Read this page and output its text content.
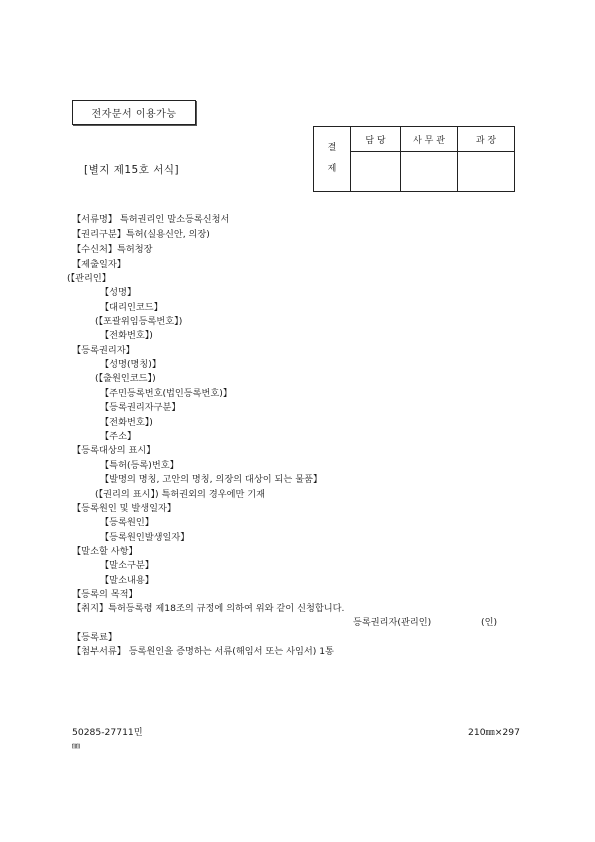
전자문서 이용가능
[별지 제15호 서식]
결
제	담 당	사 무 관	과 장

【서류명】 특허권리인 말소등록신청서
【권리구분】특허(실용신안, 의장)
【수신처】특허청장
【제출일자】
(【관리인】
【성명】
【대리인코드】
(【포괄위임등록번호】)
【전화번호】)
【등록권리자】
【성명(명칭)】
(【출원인코드】)
【주민등록번호(법인등록번호)】
【등록권리자구분】
【전화번호】)
【주소】
【등록대상의 표시】
【특허(등록)번호】
【발명의 명칭, 고안의 명칭, 의장의 대상이 되는 물품】
(【권리의 표시】) 특허권외의 경우에만 기재
【등록원인 및 발생일자】
【등록원인】
【등록원인발생일자】
【말소할 사항】
【말소구분】
【말소내용】
【등록의 목적】
【취지】특허등록령 제18조의 규정에 의하여 위와 같이 신청합니다.
등록권리자(관리인)	(인)
【등록료】
【첨부서류】 등록원인을 증명하는 서류(해임서 또는 사임서) 1통
50285-27711민	210㎜×297
㎜
